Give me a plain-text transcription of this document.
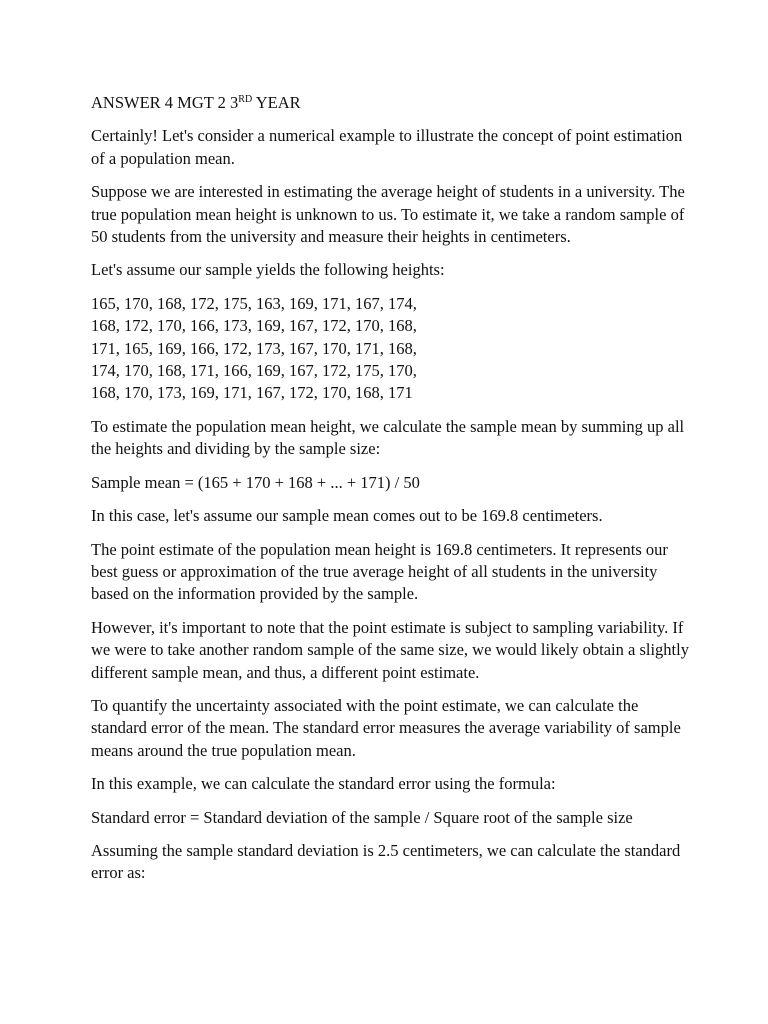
ANSWER 4 MGT 2 3RD YEAR

Certainly! Let's consider a numerical example to illustrate the concept of point estimation of a population mean.

Suppose we are interested in estimating the average height of students in a university. The true population mean height is unknown to us. To estimate it, we take a random sample of 50 students from the university and measure their heights in centimeters.

Let's assume our sample yields the following heights:

165, 170, 168, 172, 175, 163, 169, 171, 167, 174,
168, 172, 170, 166, 173, 169, 167, 172, 170, 168,
171, 165, 169, 166, 172, 173, 167, 170, 171, 168,
174, 170, 168, 171, 166, 169, 167, 172, 175, 170,
168, 170, 173, 169, 171, 167, 172, 170, 168, 171

To estimate the population mean height, we calculate the sample mean by summing up all the heights and dividing by the sample size:

Sample mean = (165 + 170 + 168 + ... + 171) / 50

In this case, let's assume our sample mean comes out to be 169.8 centimeters.

The point estimate of the population mean height is 169.8 centimeters. It represents our best guess or approximation of the true average height of all students in the university based on the information provided by the sample.

However, it's important to note that the point estimate is subject to sampling variability. If we were to take another random sample of the same size, we would likely obtain a slightly different sample mean, and thus, a different point estimate.

To quantify the uncertainty associated with the point estimate, we can calculate the standard error of the mean. The standard error measures the average variability of sample means around the true population mean.

In this example, we can calculate the standard error using the formula:

Standard error = Standard deviation of the sample / Square root of the sample size

Assuming the sample standard deviation is 2.5 centimeters, we can calculate the standard error as:
